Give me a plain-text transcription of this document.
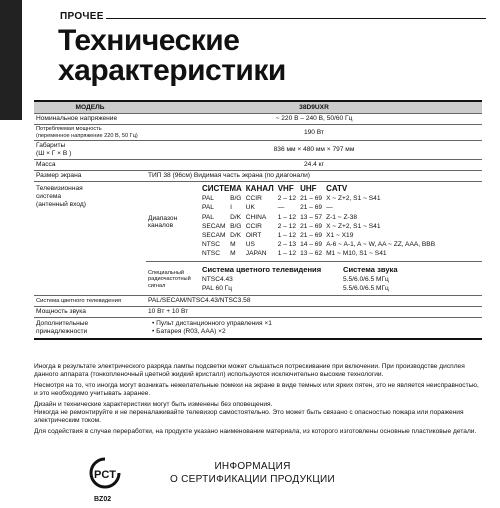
ПРОЧЕЕ
Технические
характеристики
МОДЕЛЬ	38D9UXR
Номинальное напряжение	~ 220 В – 240 В, 50/60 Гц
Потребляемая мощность
(переменное напряжение 220 В, 50 Гц)	190 Вт
Габариты
(Ш × Г × В )	836 мм × 480 мм × 797 мм
Масса	24.4 кг
Размер экрана	ТИП 38 (96см) Видимая часть экрана (по диагонали)
Телевизионная
система
(антенный вход)	
Диапазон
каналов	
СИСТЕМА	КАНАЛ	VHF	UHF	CATV
PAL	B/G	CCIR	2 – 12	21 – 69	X ~ Z+2, S1 ~ S41
PAL	I	UK	—	21 – 69	—
PAL	D/K	CHINA	1 – 12	13 – 57	Z-1 ~ Z-38
SECAM	B/G	CCIR	2 – 12	21 – 69	X ~ Z+2, S1 ~ S41
SECAM	D/K	OIRT	1 – 12	21 – 69	X1 ~ X19
NTSC	M	US	2 – 13	14 – 69	A-6 ~ A-1, A ~ W, AA ~ ZZ, AAA, BBB
NTSC	M	JAPAN	1 – 12	13 – 62	M1 ~ M10, S1 ~ S41

Специальный
радиочастотный
сигнал	
Система цветного телевидения	Система звука
NTSC4.43	5.5/6.0/6.5 МГц
PAL 60 Гц	5.5/6.0/6.5 МГц

Система цветного телевидения	PAL/SECAM/NTSC4.43/NTSC3.58
Мощность звука	10 Вт + 10 Вт
Дополнительные
принадлежности	
• Пульт дистанционного управления ×1
• Батарея (R03, AAA) ×2

Иногда в результате электрического разряда лампы подсветки может слышаться потрескивание при включении. При производстве дисплея данного аппарата (тонкопленочный цветной жидкий кристалл) используются исключительно высокие технологии.

Несмотря на то, что иногда могут возникать нежелательные помехи на экране в виде темных или ярких пятен, это не является неисправностью, и это необходимо учитывать заранее.

Дизайн и технические характеристики могут быть изменены без оповещения.

Никогда не ремонтируйте и не переналаживайте телевизор самостоятельно. Это может быть связано с опасностью пожара или поражения электрическим током.

Для содействия в случае переработки, на продукте указано наименование материала, из которого изготовлены основные пластиковые детали.

PCT
BZ02
ИНФОРМАЦИЯ
О СЕРТИФИКАЦИИ ПРОДУКЦИИ
